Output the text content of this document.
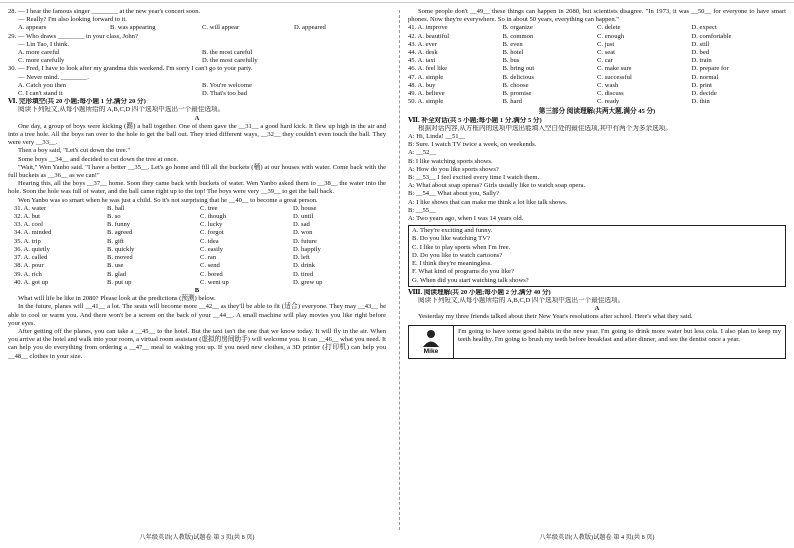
28. — I hear the famous singer ________ at the new year's concert soon.
— Really? I'm also looking forward to it.
A. appears	B. was appearing	C. will appear	D. appeared
29. — Who draws ________ in your class, John?
— Lin Tao, I think.
A. more careful	B. the most careful
C. more carefully	D. the most carefully
30. — Fred, I have to look after my grandma this weekend. I'm sorry I can't go to your party.
— Never mind. ________.
A. Catch you then	B. You're welcome
C. I can't stand it	D. That's too bad
Ⅵ. 完形填空(共 20 小题;每小题 1 分,满分 20 分)
阅读下列短文,从每小题所给的 A,B,C,D 四个选项中选出一个最佳选项。
A
One day, a group of boys were kicking (踢) a ball together. One of them gave the __31__ a good hard kick. It flew up high in the air and into a tree hole. All the boys ran over to the hole to get the ball out. They tried different ways, __32__ they couldn't even touch the ball. They were very __33__.
Then a boy said, "Let's cut down the tree."
Some boys __34__ and decided to cut down the tree at once.
"Wait," Wen Yanbo said. "I have a better __35__. Let's go home and fill all the buckets (桶) at our houses with water. Come back with the full buckets as __36__ as we can!"
Hearing this, all the boys __37__ home. Soon they came back with buckets of water. Wen Yanbo asked them to __38__ the water into the hole. Soon the hole was full of water, and the ball came right up to the top! The boys were very __39__ to get the ball back.
Wen Yanbo was so smart when he was just a child. So it's not surprising that he __40__ to become a great person.
31. A. water	B. ball	C. tree	D. house
32. A. but	B. so	C. though	D. until
33. A. cool	B. funny	C. lucky	D. sad
34. A. minded	B. agreed	C. forgot	D. won
35. A. trip	B. gift	C. idea	D. future
36. A. quietly	B. quickly	C. easily	D. happily
37. A. called	B. moved	C. ran	D. left
38. A. pour	B. use	C. send	D. drink
39. A. rich	B. glad	C. bored	D. tired
40. A. got up	B. put up	C. went up	D. grew up
B
What will life be like in 2080? Please look at the predictions (预测) below.
In the future, planes will __41__ a lot. The seats will become more __42__ as they'll be able to fit (适合) everyone. They may __43__ be able to cool or warm you. And there won't be a screen on the back of your __44__. A small machine will play movies you like right before your eyes.
After getting off the planes, you can take a __45__ to the hotel. But the taxi isn't the one that we know today. It will fly in the air. When you arrive at the hotel and walk into your room, a virtual room assistant (虚拟的房间助手) will welcome you. It can __46__ what you need. It can help you do everything from ordering a __47__ meal to waking you up. If you need new clothes, a 3D printer (打印机) can help you __48__ clothes in your size.
八年级英语(人教版)试题卷 第 3 页(共 8 页)
Some people don't __49__ these things can happen in 2080, but scientists disagree. "In 1973, it was __50__ for everyone to have smart phones. Now they're everywhere. So in about 50 years, everything can happen."
41. A. improve	B. organize	C. delete	D. expect
42. A. beautiful	B. common	C. enough	D. comfortable
43. A. ever	B. even	C. just	D. still
44. A. desk	B. hotel	C. seat	D. bed
45. A. taxi	B. bus	C. car	D. train
46. A. feel like	B. bring out	C. make sure	D. prepare for
47. A. simple	B. delicious	C. successful	D. normal
48. A. buy	B. choose	C. wash	D. print
49. A. believe	B. promise	C. discuss	D. decide
50. A. simple	B. hard	C. ready	D. thin
第三部分 阅读理解(共两大题,满分 45 分)
Ⅶ. 补全对话(共 5 小题;每小题 1 分,满分 5 分)
根据对话内容,从方框内的选项中选出能填入空白处的最佳选项,其中有两个为多余选项。
A: Hi, Linda! __51__
B: Sure. I watch TV twice a week, on weekends.
A: __52__
B: I like watching sports shows.
A: How do you like sports shows?
B: __53__ I feel excited every time I watch them.
A: What about soap operas? Girls usually like to watch soap opera.
B: __54__ What about you, Sally?
A: I like shows that can make me think a lot like talk shows.
B: __55__
A: Two years ago, when I was 14 years old.
A. They're exciting and funny.
B. Do you like watching TV?
C. I like to play sports when I'm free.
D. Do you like to watch cartoons?
E. I think they're meaningless.
F. What kind of programs do you like?
G. When did you start watching talk shows?
Ⅷ. 阅读理解(共 20 小题;每小题 2 分,满分 40 分)
阅读下列短文,从每小题所给的 A,B,C,D 四个选项中选出一个最佳选项。
A
Yesterday my three friends talked about their New Year's resolutions after school. Here's what they said.
Mike
I'm going to have some good habits in the new year. I'm going to drink more water but less cola. I also plan to keep my teeth healthy. I'm going to brush my teeth before breakfast and after dinner, and see the dentist once a year.
八年级英语(人教版)试题卷 第 4 页(共 8 页)
